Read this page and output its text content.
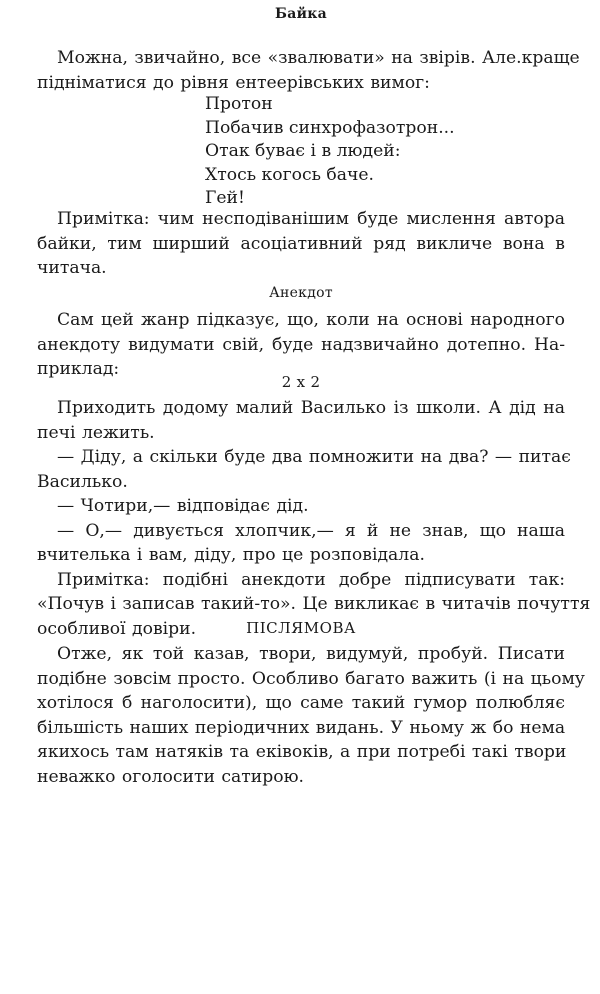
Байка
Можна, звичайно, все «звалювати» на звірів. Але.краще
підніматися до рівня ентеерівських вимог:
Протон
Побачив синхрофазотрон...
Отак буває і в людей:
Хтось когось баче.
Гей!
Примітка: чим несподіванішим буде мислення автора
байки, тим ширший асоціативний ряд викличе вона в
читача.
Анекдот
Сам цей жанр підказує, що, коли на основі народного
анекдоту видумати свій, буде надзвичайно дотепно. На-
приклад:
2 х 2
Приходить додому малий Василько із школи. А дід на
печі лежить.
— Діду, а скільки буде два помножити на два? — питає
Василько.
— Чотири,— відповідає дід.
— О,— дивується хлопчик,— я й не знав, що наша
вчителька і вам, діду, про це розповідала.
Примітка: подібні анекдоти добре підписувати так:
«Почув і записав такий-то». Це викликає в читачів почуття
особливої довіри.	ПІСЛЯМОВА
Отже, як той казав, твори, видумуй, пробуй. Писати
подібне зовсім просто. Особливо багато важить (і на цьому
хотілося б наголосити), що саме такий гумор полюбляє
більшість наших періодичних видань. У ньому ж бо нема
якихось там натяків та еківоків, а при потребі такі твори
неважко оголосити сатирою.
